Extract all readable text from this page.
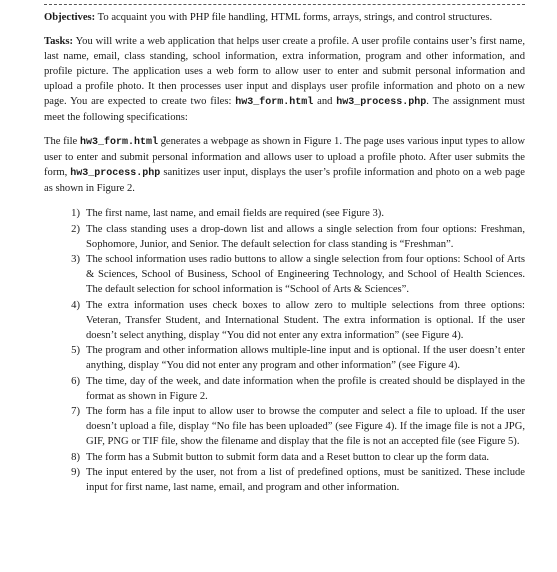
Objectives: To acquaint you with PHP file handling, HTML forms, arrays, strings, and control structures.

Tasks: You will write a web application that helps user create a profile. A user profile contains user’s first name, last name, email, class standing, school information, extra information, program and other information, and profile picture. The application uses a web form to allow user to enter and submit personal information and upload a profile photo. It then processes user input and displays user profile information and photo on a new page. You are expected to create two files: hw3_form.html and hw3_process.php. The assignment must meet the following specifications:

The file hw3_form.html generates a webpage as shown in Figure 1. The page uses various input types to allow user to enter and submit personal information and allows user to upload a profile photo. After user submits the form, hw3_process.php sanitizes user input, displays the user’s profile information and photo on a web page as shown in Figure 2.

1) The first name, last name, and email fields are required (see Figure 3).
2) The class standing uses a drop-down list and allows a single selection from four options: Freshman, Sophomore, Junior, and Senior. The default selection for class standing is “Freshman”.
3) The school information uses radio buttons to allow a single selection from four options: School of Arts & Sciences, School of Business, School of Engineering Technology, and School of Health Sciences. The default selection for school information is “School of Arts & Sciences”.
4) The extra information uses check boxes to allow zero to multiple selections from three options: Veteran, Transfer Student, and International Student. The extra information is optional. If the user doesn’t select anything, display “You did not enter any extra information” (see Figure 4).
5) The program and other information allows multiple-line input and is optional. If the user doesn’t enter anything, display “You did not enter any program and other information” (see Figure 4).
6) The time, day of the week, and date information when the profile is created should be displayed in the format as shown in Figure 2.
7) The form has a file input to allow user to browse the computer and select a file to upload. If the user doesn’t upload a file, display “No file has been uploaded” (see Figure 4). If the image file is not a JPG, GIF, PNG or TIF file, show the filename and display that the file is not an accepted file (see Figure 5).
8) The form has a Submit button to submit form data and a Reset button to clear up the form data.
9) The input entered by the user, not from a list of predefined options, must be sanitized. These include input for first name, last name, email, and program and other information.
